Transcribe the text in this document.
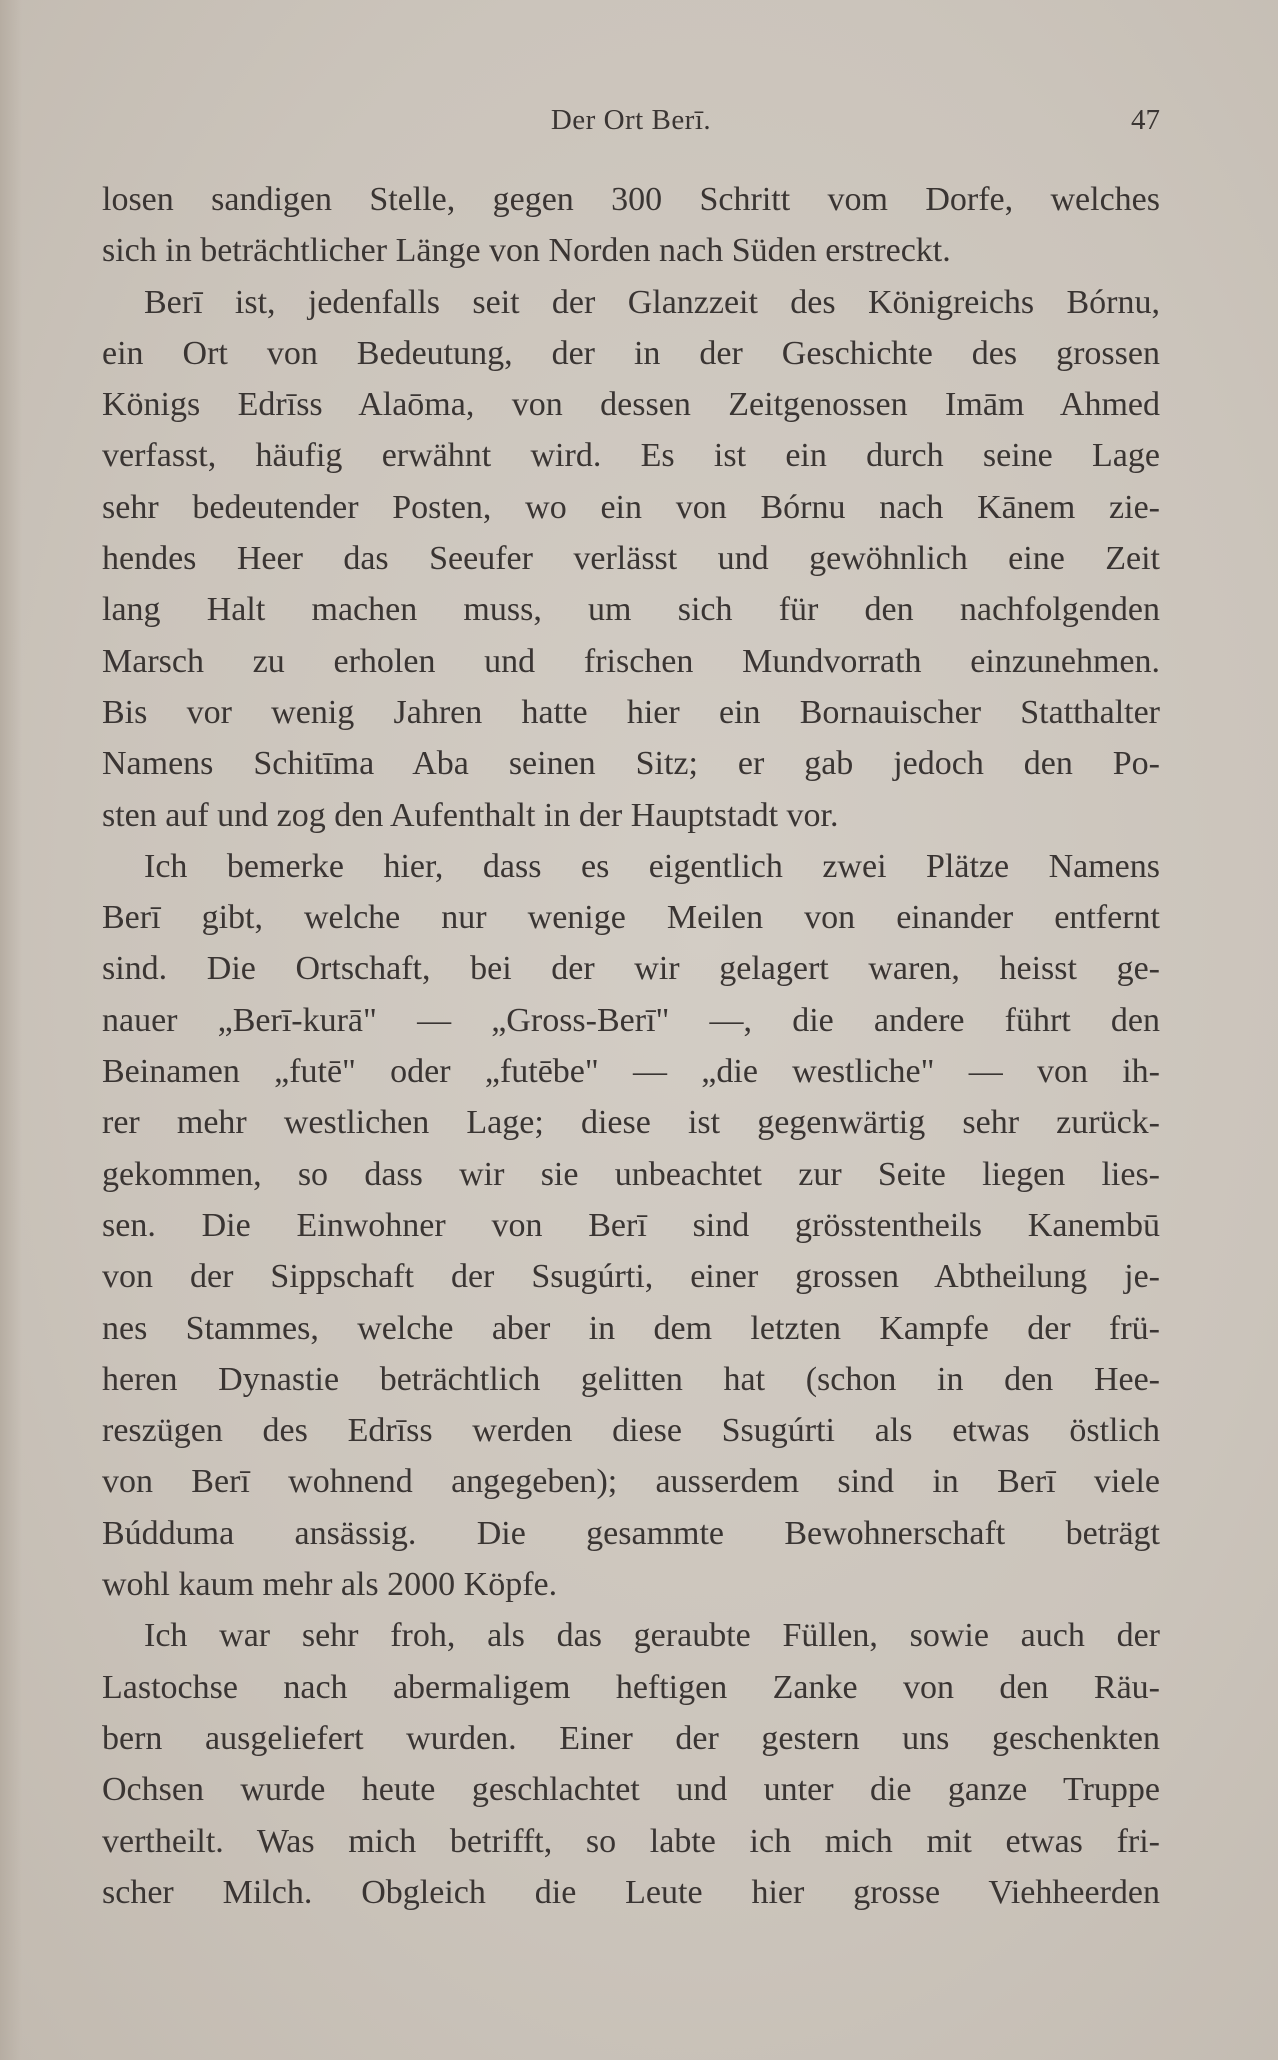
Der Ort Berī.	47
losen sandigen Stelle, gegen 300 Schritt vom Dorfe, welches
sich in beträchtlicher Länge von Norden nach Süden erstreckt.
Berī ist, jedenfalls seit der Glanzzeit des Königreichs Bórnu,
ein Ort von Bedeutung, der in der Geschichte des grossen
Königs Edrīss Alaōma, von dessen Zeitgenossen Imām Ahmed
verfasst, häufig erwähnt wird. Es ist ein durch seine Lage
sehr bedeutender Posten, wo ein von Bórnu nach Kānem zie-
hendes Heer das Seeufer verlässt und gewöhnlich eine Zeit
lang Halt machen muss, um sich für den nachfolgenden
Marsch zu erholen und frischen Mundvorrath einzunehmen.
Bis vor wenig Jahren hatte hier ein Bornauischer Statthalter
Namens Schitīma Aba seinen Sitz; er gab jedoch den Po-
sten auf und zog den Aufenthalt in der Hauptstadt vor.
Ich bemerke hier, dass es eigentlich zwei Plätze Namens
Berī gibt, welche nur wenige Meilen von einander entfernt
sind. Die Ortschaft, bei der wir gelagert waren, heisst ge-
nauer „Berī-kurā" — „Gross-Berī" —, die andere führt den
Beinamen „futē" oder „futēbe" — „die westliche" — von ih-
rer mehr westlichen Lage; diese ist gegenwärtig sehr zurück-
gekommen, so dass wir sie unbeachtet zur Seite liegen lies-
sen. Die Einwohner von Berī sind grösstentheils Kanembū
von der Sippschaft der Ssugúrti, einer grossen Abtheilung je-
nes Stammes, welche aber in dem letzten Kampfe der frü-
heren Dynastie beträchtlich gelitten hat (schon in den Hee-
reszügen des Edrīss werden diese Ssugúrti als etwas östlich
von Berī wohnend angegeben); ausserdem sind in Berī viele
Búdduma ansässig. Die gesammte Bewohnerschaft beträgt
wohl kaum mehr als 2000 Köpfe.
Ich war sehr froh, als das geraubte Füllen, sowie auch der
Lastochse nach abermaligem heftigen Zanke von den Räu-
bern ausgeliefert wurden. Einer der gestern uns geschenkten
Ochsen wurde heute geschlachtet und unter die ganze Truppe
vertheilt. Was mich betrifft, so labte ich mich mit etwas fri-
scher Milch. Obgleich die Leute hier grosse Viehheerden
